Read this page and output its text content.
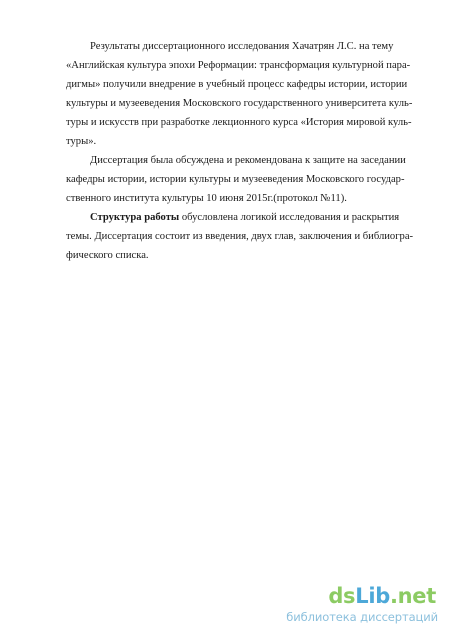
Результаты диссертационного исследования Хачатрян Л.С. на тему
«Английская культура эпохи Реформации: трансформация культурной пара-
дигмы» получили внедрение в учебный процесс кафедры истории, истории
культуры и музееведения Московского государственного университета куль-
туры и искусств при разработке лекционного курса «История мировой куль-
туры».
Диссертация была обсуждена и рекомендована к защите на заседании
кафедры истории, истории культуры и музееведения Московского государ-
ственного института культуры 10 июня 2015г.(протокол №11).
Структура работы обусловлена логикой исследования и раскрытия
темы. Диссертация состоит из введения, двух глав, заключения и библиогра-
фического списка.
dsLib.net
библиотека диссертаций
